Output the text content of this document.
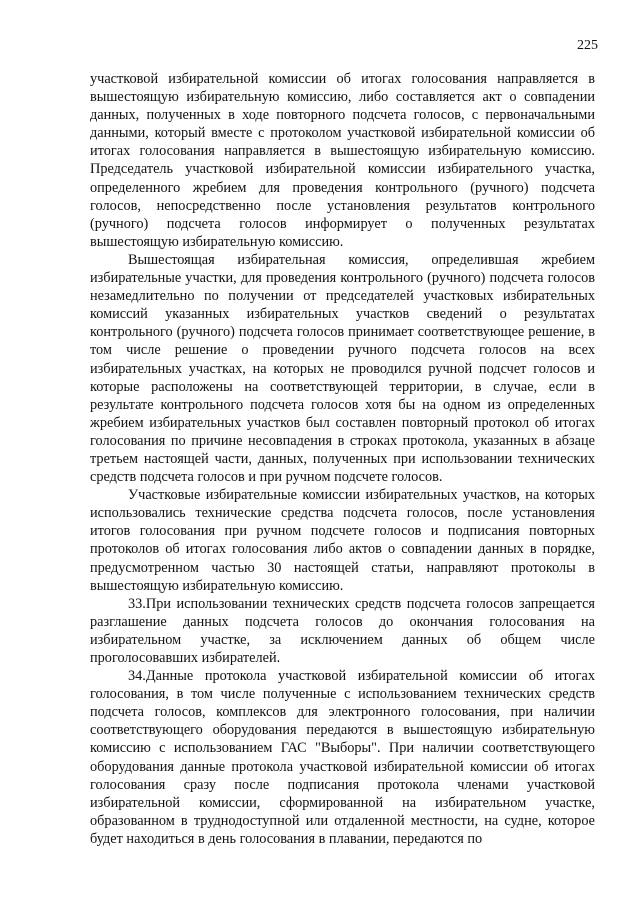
225

участковой избирательной комиссии об итогах голосования направляется в вышестоящую избирательную комиссию, либо составляется акт о совпадении данных, полученных в ходе повторного подсчета голосов, с первоначальными данными, который вместе с протоколом участковой избирательной комиссии об итогах голосования направляется в вышестоящую избирательную комиссию. Председатель участковой избирательной комиссии избирательного участка, определенного жребием для проведения контрольного (ручного) подсчета голосов, непосредственно после установления результатов контрольного (ручного) подсчета голосов информирует о полученных результатах вышестоящую избирательную комиссию.

Вышестоящая избирательная комиссия, определившая жребием избирательные участки, для проведения контрольного (ручного) подсчета голосов незамедлительно по получении от председателей участковых избирательных комиссий указанных избирательных участков сведений о результатах контрольного (ручного) подсчета голосов принимает соответствующее решение, в том числе решение о проведении ручного подсчета голосов на всех избирательных участках, на которых не проводился ручной подсчет голосов и которые расположены на соответствующей территории, в случае, если в результате контрольного подсчета голосов хотя бы на одном из определенных жребием избирательных участков был составлен повторный протокол об итогах голосования по причине несовпадения в строках протокола, указанных в абзаце третьем настоящей части, данных, полученных при использовании технических средств подсчета голосов и при ручном подсчете голосов.

Участковые избирательные комиссии избирательных участков, на которых использовались технические средства подсчета голосов, после установления итогов голосования при ручном подсчете голосов и подписания повторных протоколов об итогах голосования либо актов о совпадении данных в порядке, предусмотренном частью 30 настоящей статьи, направляют протоколы в вышестоящую избирательную комиссию.

33.При использовании технических средств подсчета голосов запрещается разглашение данных подсчета голосов до окончания голосования на избирательном участке, за исключением данных об общем числе проголосовавших избирателей.

34.Данные протокола участковой избирательной комиссии об итогах голосования, в том числе полученные с использованием технических средств подсчета голосов, комплексов для электронного голосования, при наличии соответствующего оборудования передаются в вышестоящую избирательную комиссию с использованием ГАС "Выборы". При наличии соответствующего оборудования данные протокола участковой избирательной комиссии об итогах голосования сразу после подписания протокола членами участковой избирательной комиссии, сформированной на избирательном участке, образованном в труднодоступной или отдаленной местности, на судне, которое будет находиться в день голосования в плавании, передаются по
